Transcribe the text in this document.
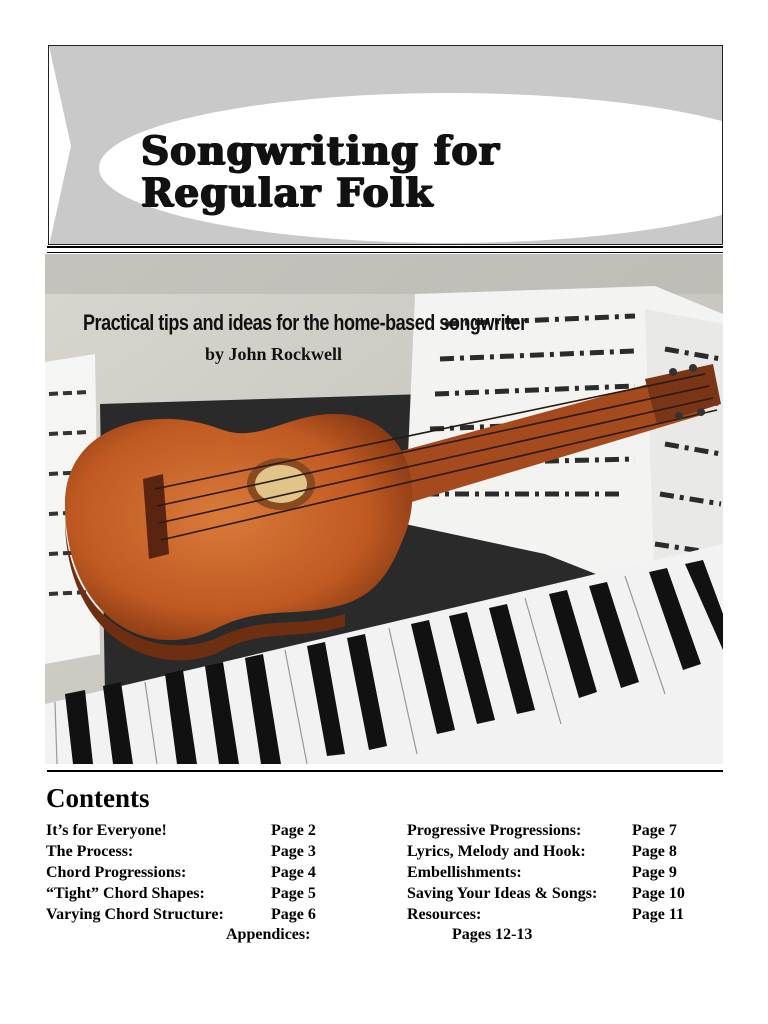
Songwriting for
Regular Folk
Practical tips and ideas for the home-based songwriter
by John Rockwell
Contents
It’s for Everyone!	Page 2
The Process:	Page 3
Chord Progressions:	Page 4
“Tight” Chord Shapes:	Page 5
Varying Chord Structure:	Page 6
Progressive Progressions:	Page 7
Lyrics, Melody and Hook:	Page 8
Embellishments:	Page 9
Saving Your Ideas & Songs: Page 10
Resources:	Page 11
Appendices:	Pages 12-13
